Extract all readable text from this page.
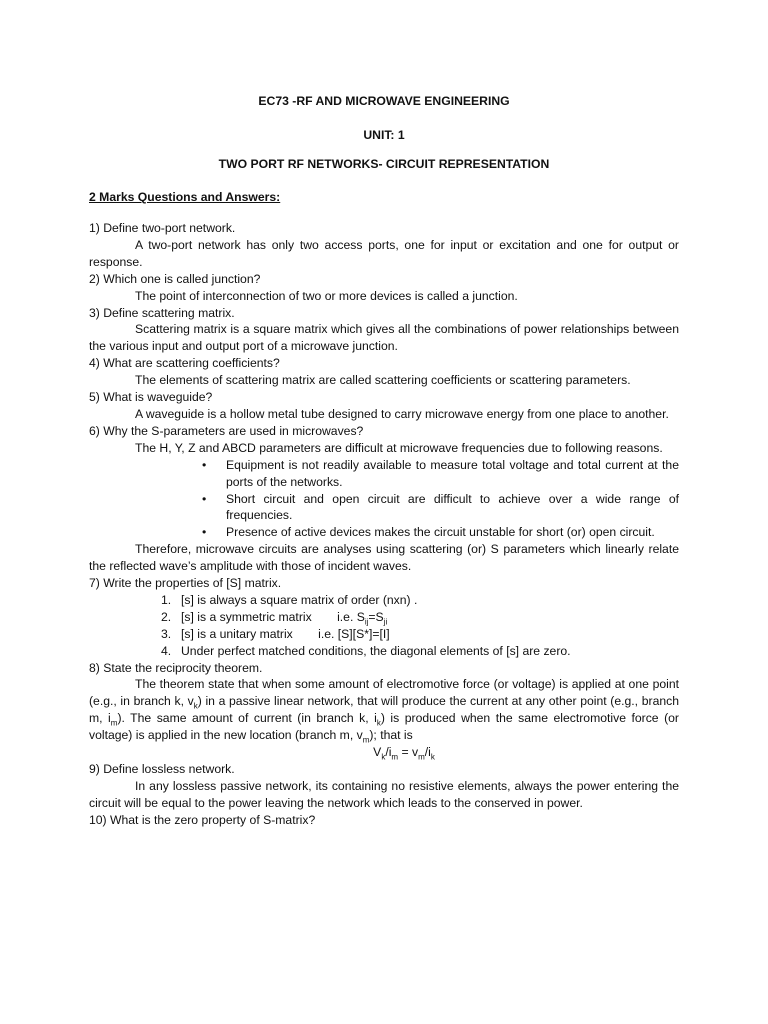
EC73 -RF AND MICROWAVE ENGINEERING
UNIT: 1
TWO PORT RF NETWORKS- CIRCUIT REPRESENTATION
2 Marks Questions and Answers:

1) Define two-port network.

A two-port network has only two access ports, one for input or excitation and one for output or response.

2) Which one is called junction?

The point of interconnection of two or more devices is called a junction.

3) Define scattering matrix.

Scattering matrix is a square matrix which gives all the combinations of power relationships between the various input and output port of a microwave junction.

4) What are scattering coefficients?

The elements of scattering matrix are called scattering coefficients or scattering parameters.

5) What is waveguide?

A waveguide is a hollow metal tube designed to carry microwave energy from one place to another.

6) Why the S-parameters are used in microwaves?

The H, Y, Z and ABCD parameters are difficult at microwave frequencies due to following reasons.

• Equipment is not readily available to measure total voltage and total current at the ports of the networks.
• Short circuit and open circuit are difficult to achieve over a wide range of frequencies.
• Presence of active devices makes the circuit unstable for short (or) open circuit.

Therefore, microwave circuits are analyses using scattering (or) S parameters which linearly relate the reflected wave’s amplitude with those of incident waves.

7) Write the properties of [S] matrix.

1. [s] is always a square matrix of order (nxn) .
2. [s] is a symmetric matrix i.e. $S_{ij}=S_{ji}$
3. [s] is a unitary matrix i.e. [S][S*]=[I]
4. Under perfect matched conditions, the diagonal elements of [s] are zero.

8) State the reciprocity theorem.

The theorem state that when some amount of electromotive force (or voltage) is applied at one point (e.g., in branch k, $v_k$) in a passive linear network, that will produce the current at any other point (e.g., branch m, $i_m$). The same amount of current (in branch k, $i_k$) is produced when the same electromotive force (or voltage) is applied in the new location (branch m, $v_m$); that is

$V_k/i_m = v_m/i_k$

9) Define lossless network.

In any lossless passive network, its containing no resistive elements, always the power entering the circuit will be equal to the power leaving the network which leads to the conserved in power.

10) What is the zero property of S-matrix?
